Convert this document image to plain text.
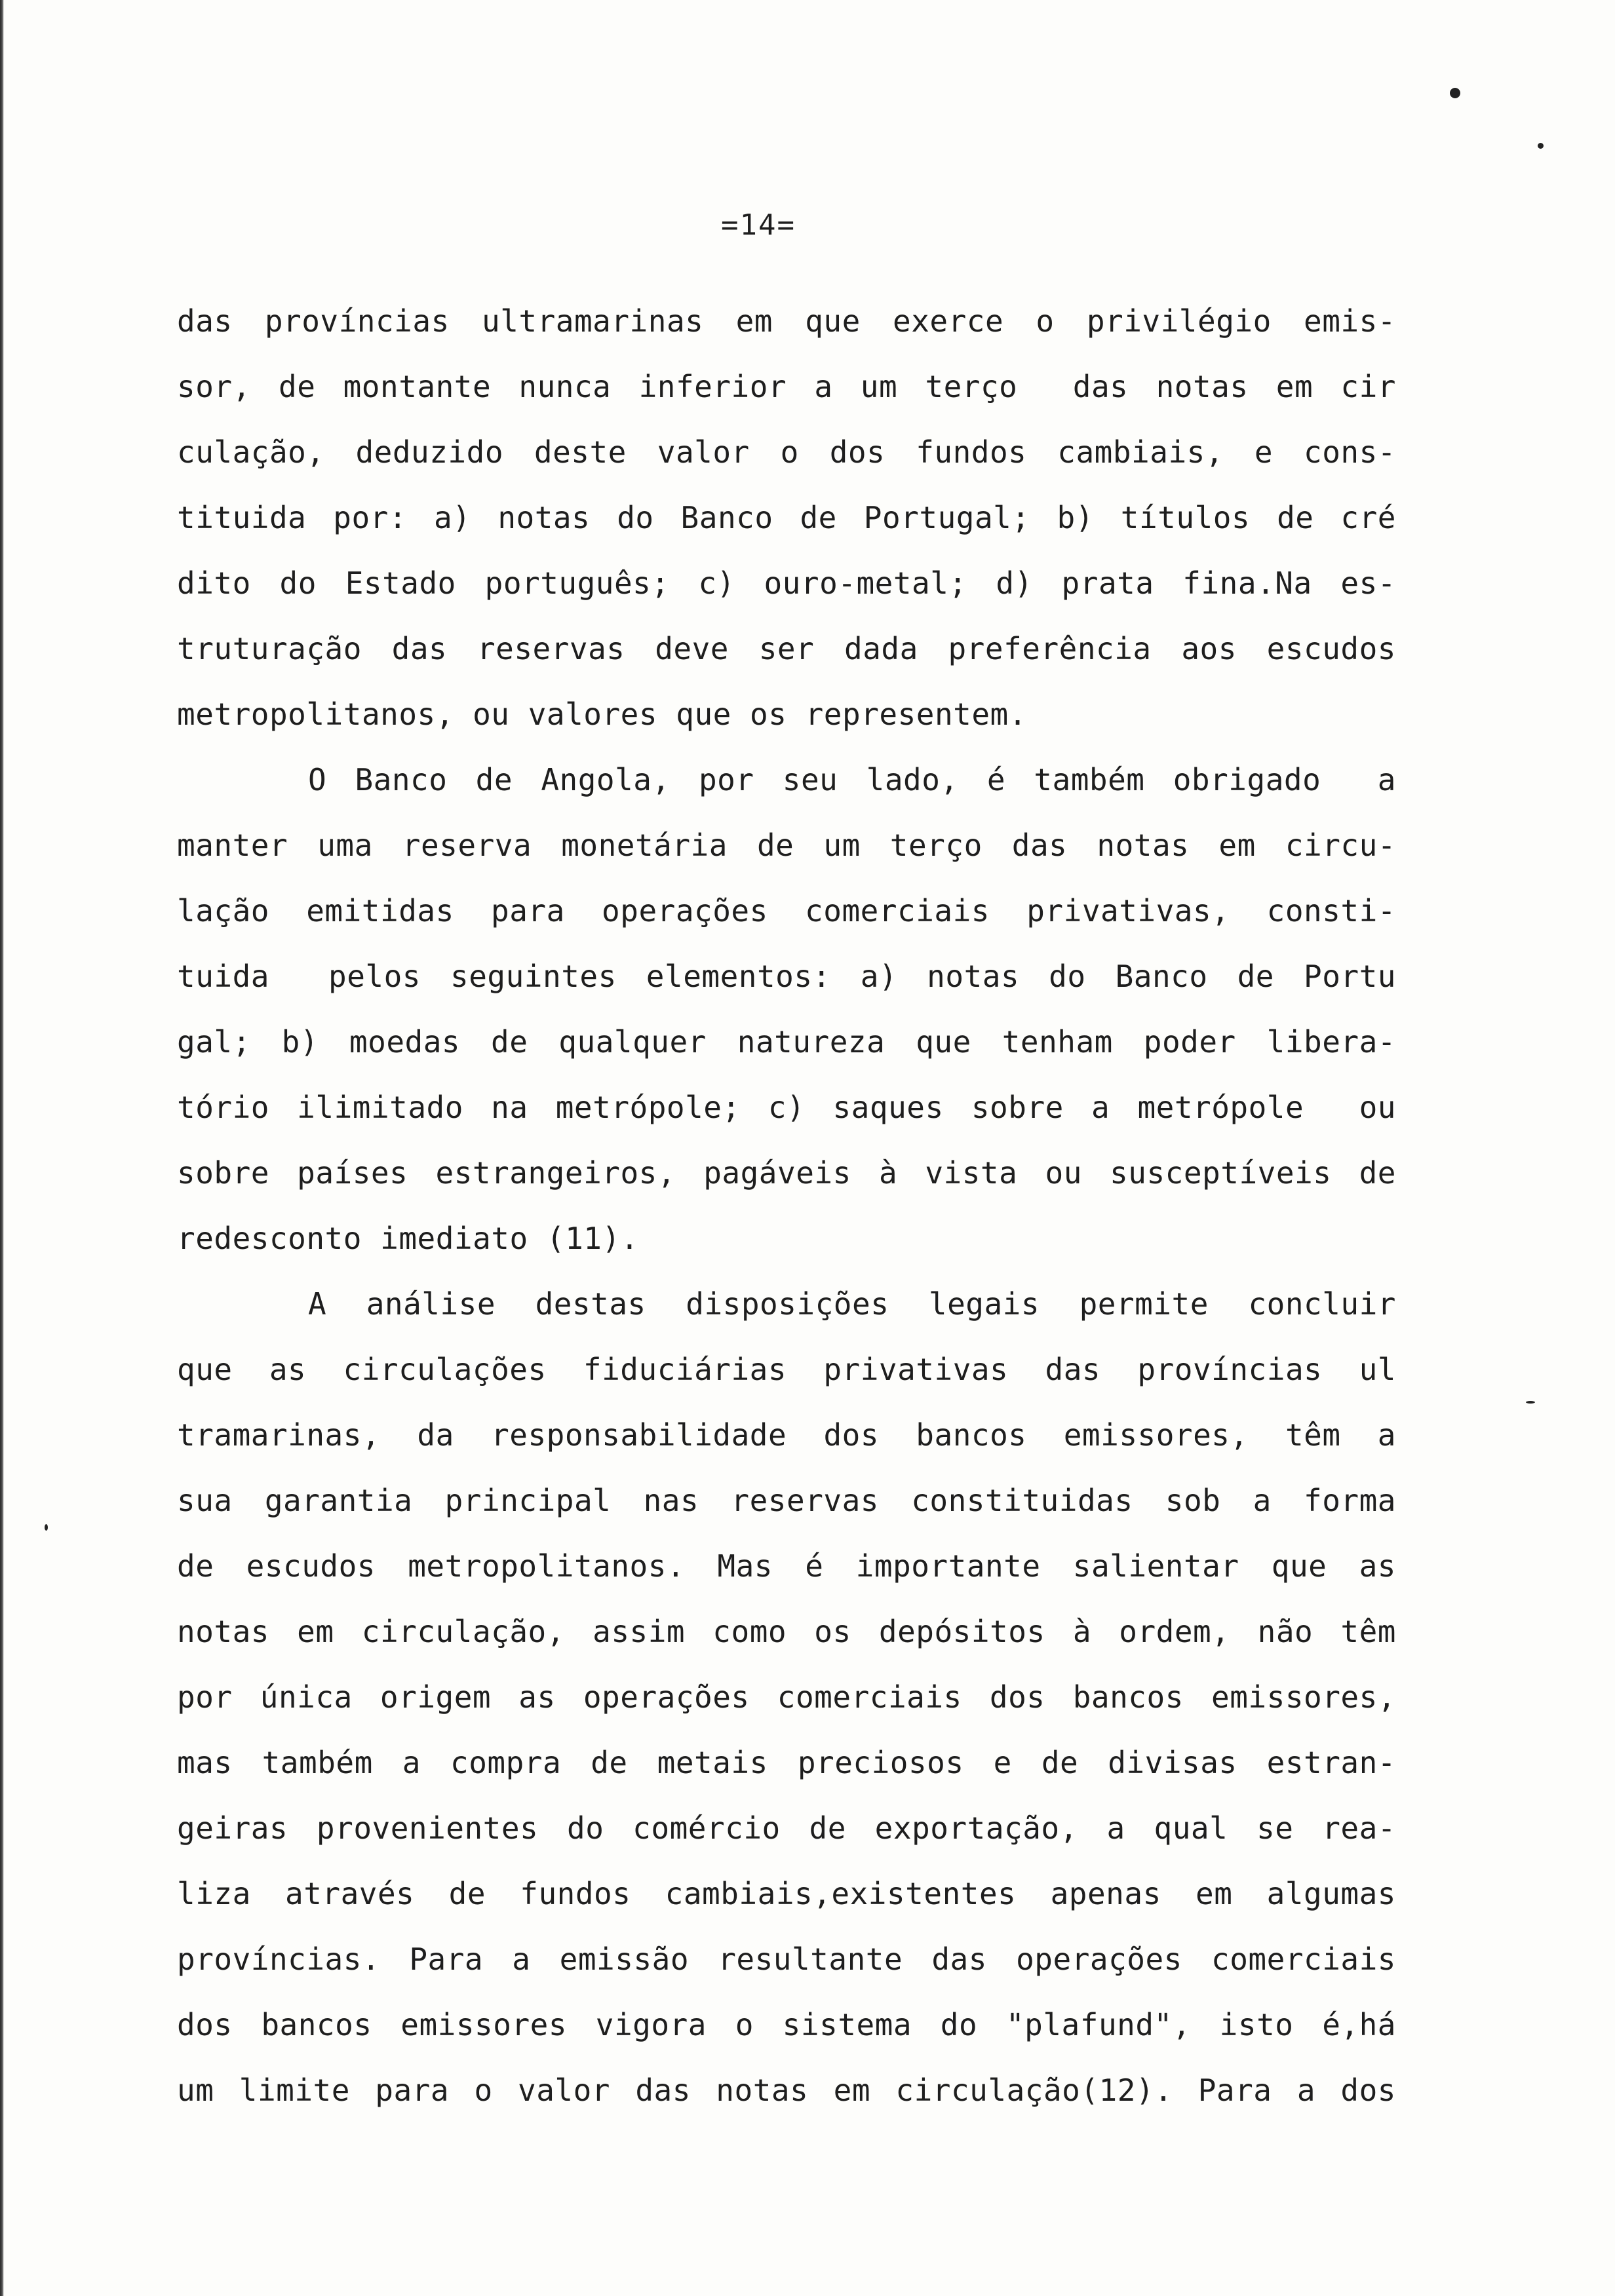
=14=
das províncias ultramarinas em que exerce o privilégio emis-
sor, de montante nunca inferior a um terço  das notas em cir
culação, deduzido deste valor o dos fundos cambiais, e cons-
tituida por: a) notas do Banco de Portugal; b) títulos de cré
dito do Estado português; c) ouro-metal; d) prata fina.Na es-
truturação das reservas deve ser dada preferência aos escudos
metropolitanos, ou valores que os representem.
O Banco de Angola, por seu lado, é também obrigado  a
manter uma reserva monetária de um terço das notas em circu-
lação emitidas para operações comerciais privativas, consti-
tuida  pelos seguintes elementos: a) notas do Banco de Portu
gal; b) moedas de qualquer natureza que tenham poder libera-
tório ilimitado na metrópole; c) saques sobre a metrópole  ou
sobre países estrangeiros, pagáveis à vista ou susceptíveis de
redesconto imediato (11).
A análise destas disposições legais permite concluir
que as circulações fiduciárias privativas das províncias ul
tramarinas, da responsabilidade dos bancos emissores, têm a
sua garantia principal nas reservas constituidas sob a forma
de escudos metropolitanos. Mas é importante salientar que as
notas em circulação, assim como os depósitos à ordem, não têm
por única origem as operações comerciais dos bancos emissores,
mas também a compra de metais preciosos e de divisas estran-
geiras provenientes do comércio de exportação, a qual se rea-
liza através de fundos cambiais,existentes apenas em algumas
províncias. Para a emissão resultante das operações comerciais
dos bancos emissores vigora o sistema do "plafund", isto é,há
um limite para o valor das notas em circulação(12). Para a dos
